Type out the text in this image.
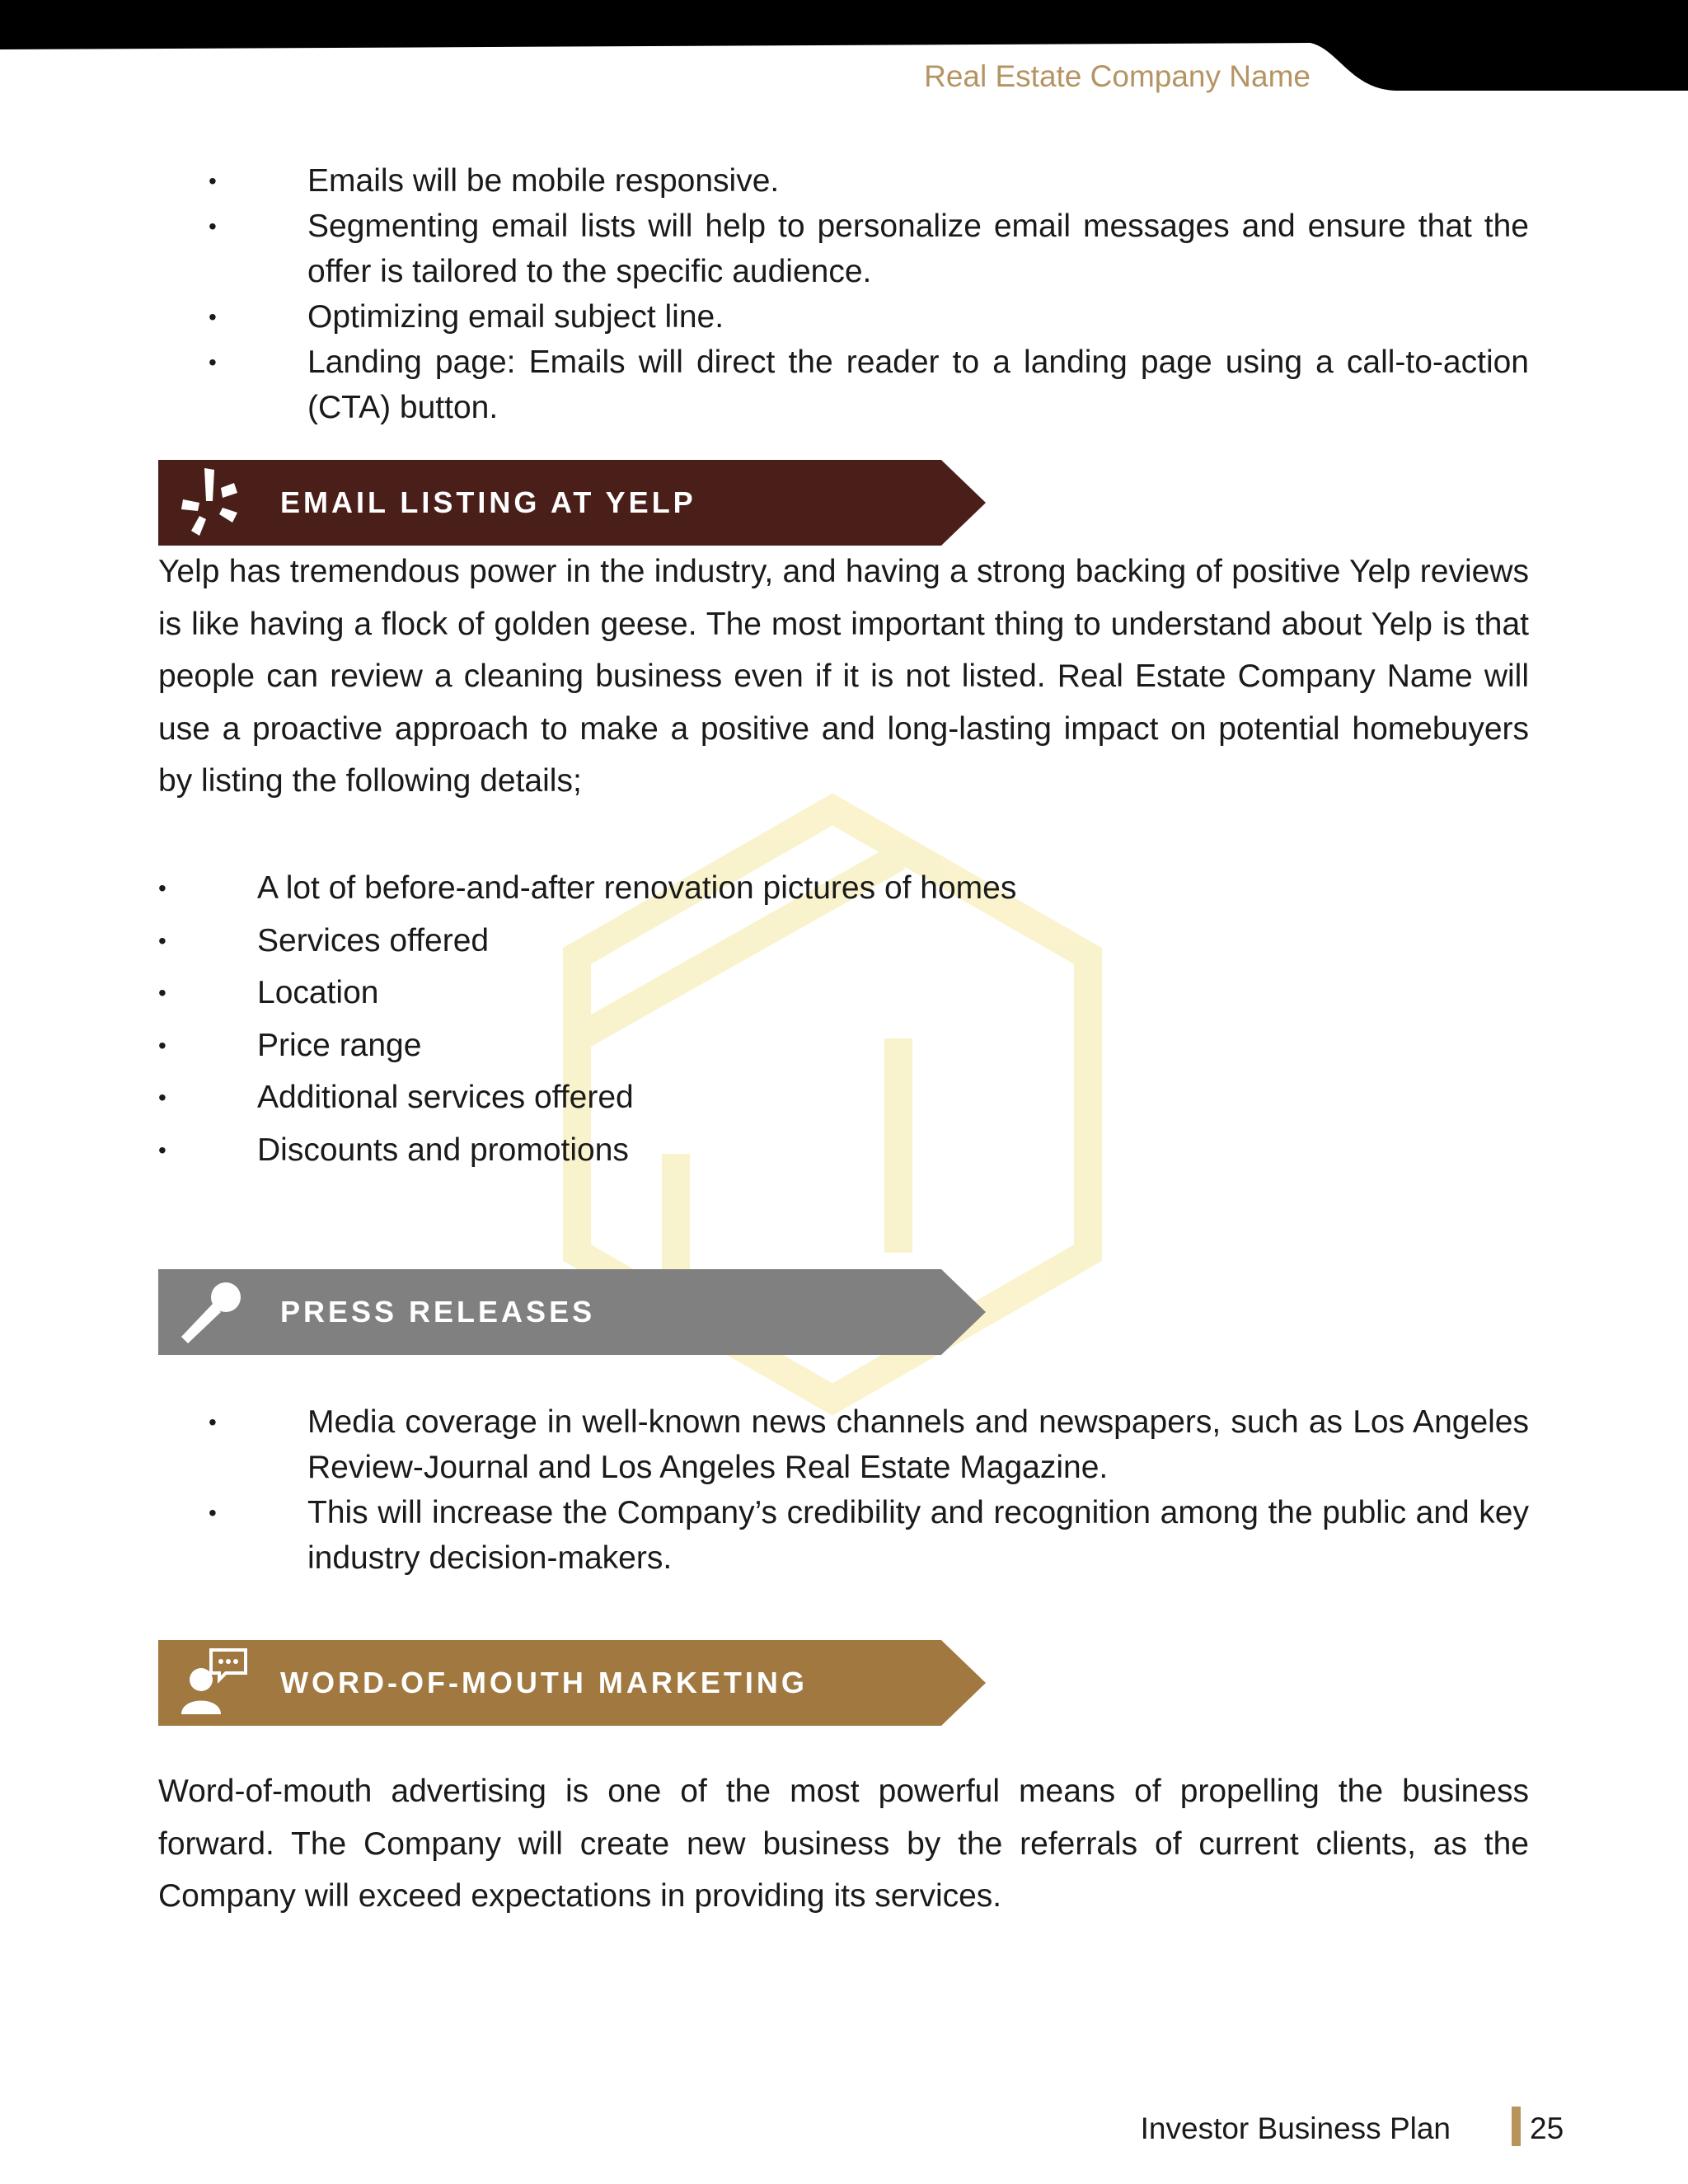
Real Estate Company Name
•	Emails will be mobile responsive.
•	Segmenting email lists will help to personalize email messages and ensure that the offer is tailored to the specific audience.
•	Optimizing email subject line.
•	Landing page: Emails will direct the reader to a landing page using a call-to-action (CTA) button.
EMAIL LISTING AT YELP

Yelp has tremendous power in the industry, and having a strong backing of positive Yelp reviews is like having a flock of golden geese. The most important thing to understand about Yelp is that people can review a cleaning business even if it is not listed. Real Estate Company Name will use a proactive approach to make a positive and long-lasting impact on potential homebuyers by listing the following details;

•	A lot of before-and-after renovation pictures of homes
•	Services offered
•	Location
•	Price range
•	Additional services offered
•	Discounts and promotions
PRESS RELEASES
•	Media coverage in well-known news channels and newspapers, such as Los Angeles Review-Journal and Los Angeles Real Estate Magazine.
•	This will increase the Company’s credibility and recognition among the public and key industry decision-makers.
WORD-OF-MOUTH MARKETING

Word-of-mouth advertising is one of the most powerful means of propelling the business forward. The Company will create new business by the referrals of current clients, as the Company will exceed expectations in providing its services.

Investor Business Plan	25
